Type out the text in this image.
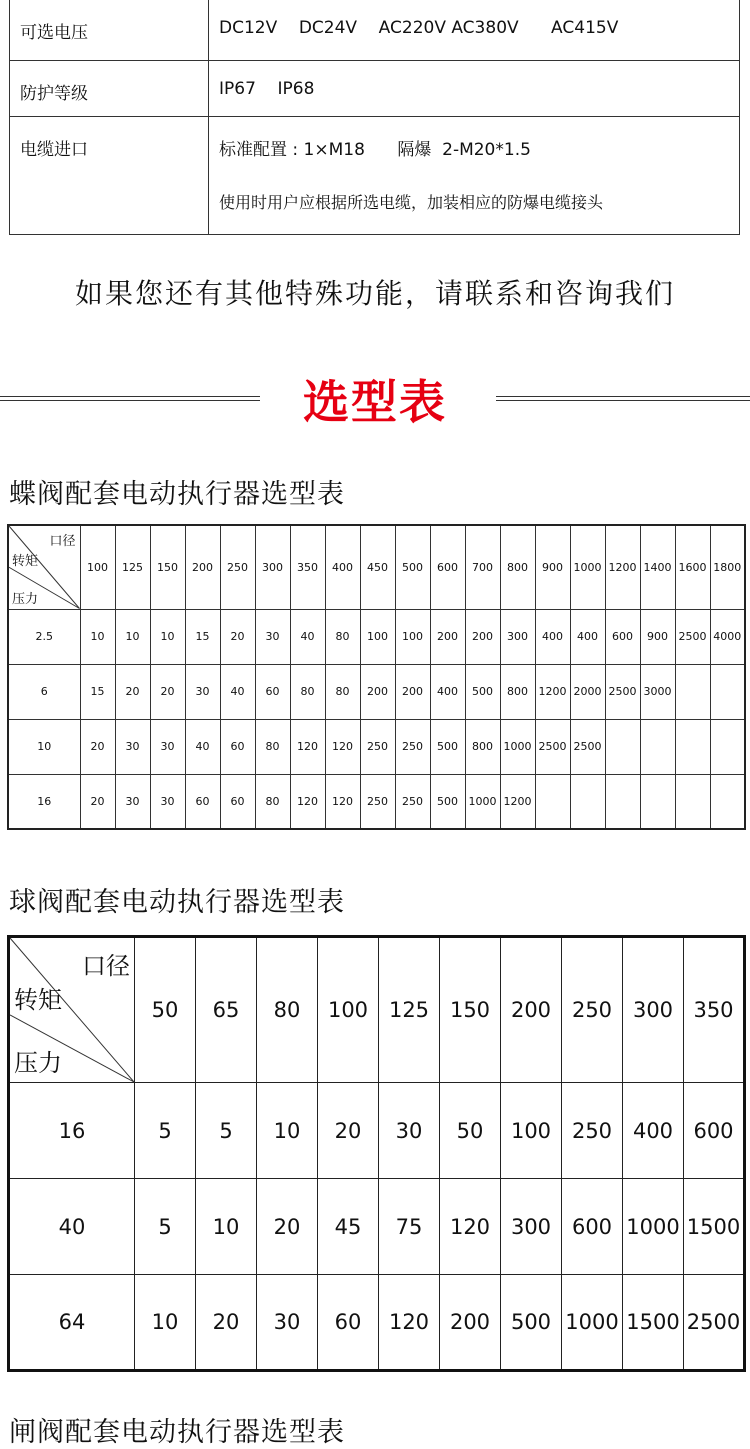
可选电压	DC12V    DC24V    AC220V AC380V      AC415V
防护等级	IP67    IP68
电缆进口	标准配置 : 1×M18      隔爆  2-M20*1.5
使用时用户应根据所选电缆，加装相应的防爆电缆接头
如果您还有其他特殊功能，请联系和咨询我们
选型表
蝶阀配套电动执行器选型表
口径
转矩
压力	100	125	150	200	250	300	350	400	450	500	600	700	800	900	1000	1200	1400	1600	1800
2.5	10	10	10	15	20	30	40	80	100	100	200	200	300	400	400	600	900	2500	4000
6	15	20	20	30	40	60	80	80	200	200	400	500	800	1200	2000	2500	3000		
10	20	30	30	40	60	80	120	120	250	250	500	800	1000	2500	2500				
16	20	30	30	60	60	80	120	120	250	250	500	1000	1200						
球阀配套电动执行器选型表
口径
转矩
压力	50	65	80	100	125	150	200	250	300	350
16	5	5	10	20	30	50	100	250	400	600
40	5	10	20	45	75	120	300	600	1000	1500
64	10	20	30	60	120	200	500	1000	1500	2500
闸阀配套电动执行器选型表
